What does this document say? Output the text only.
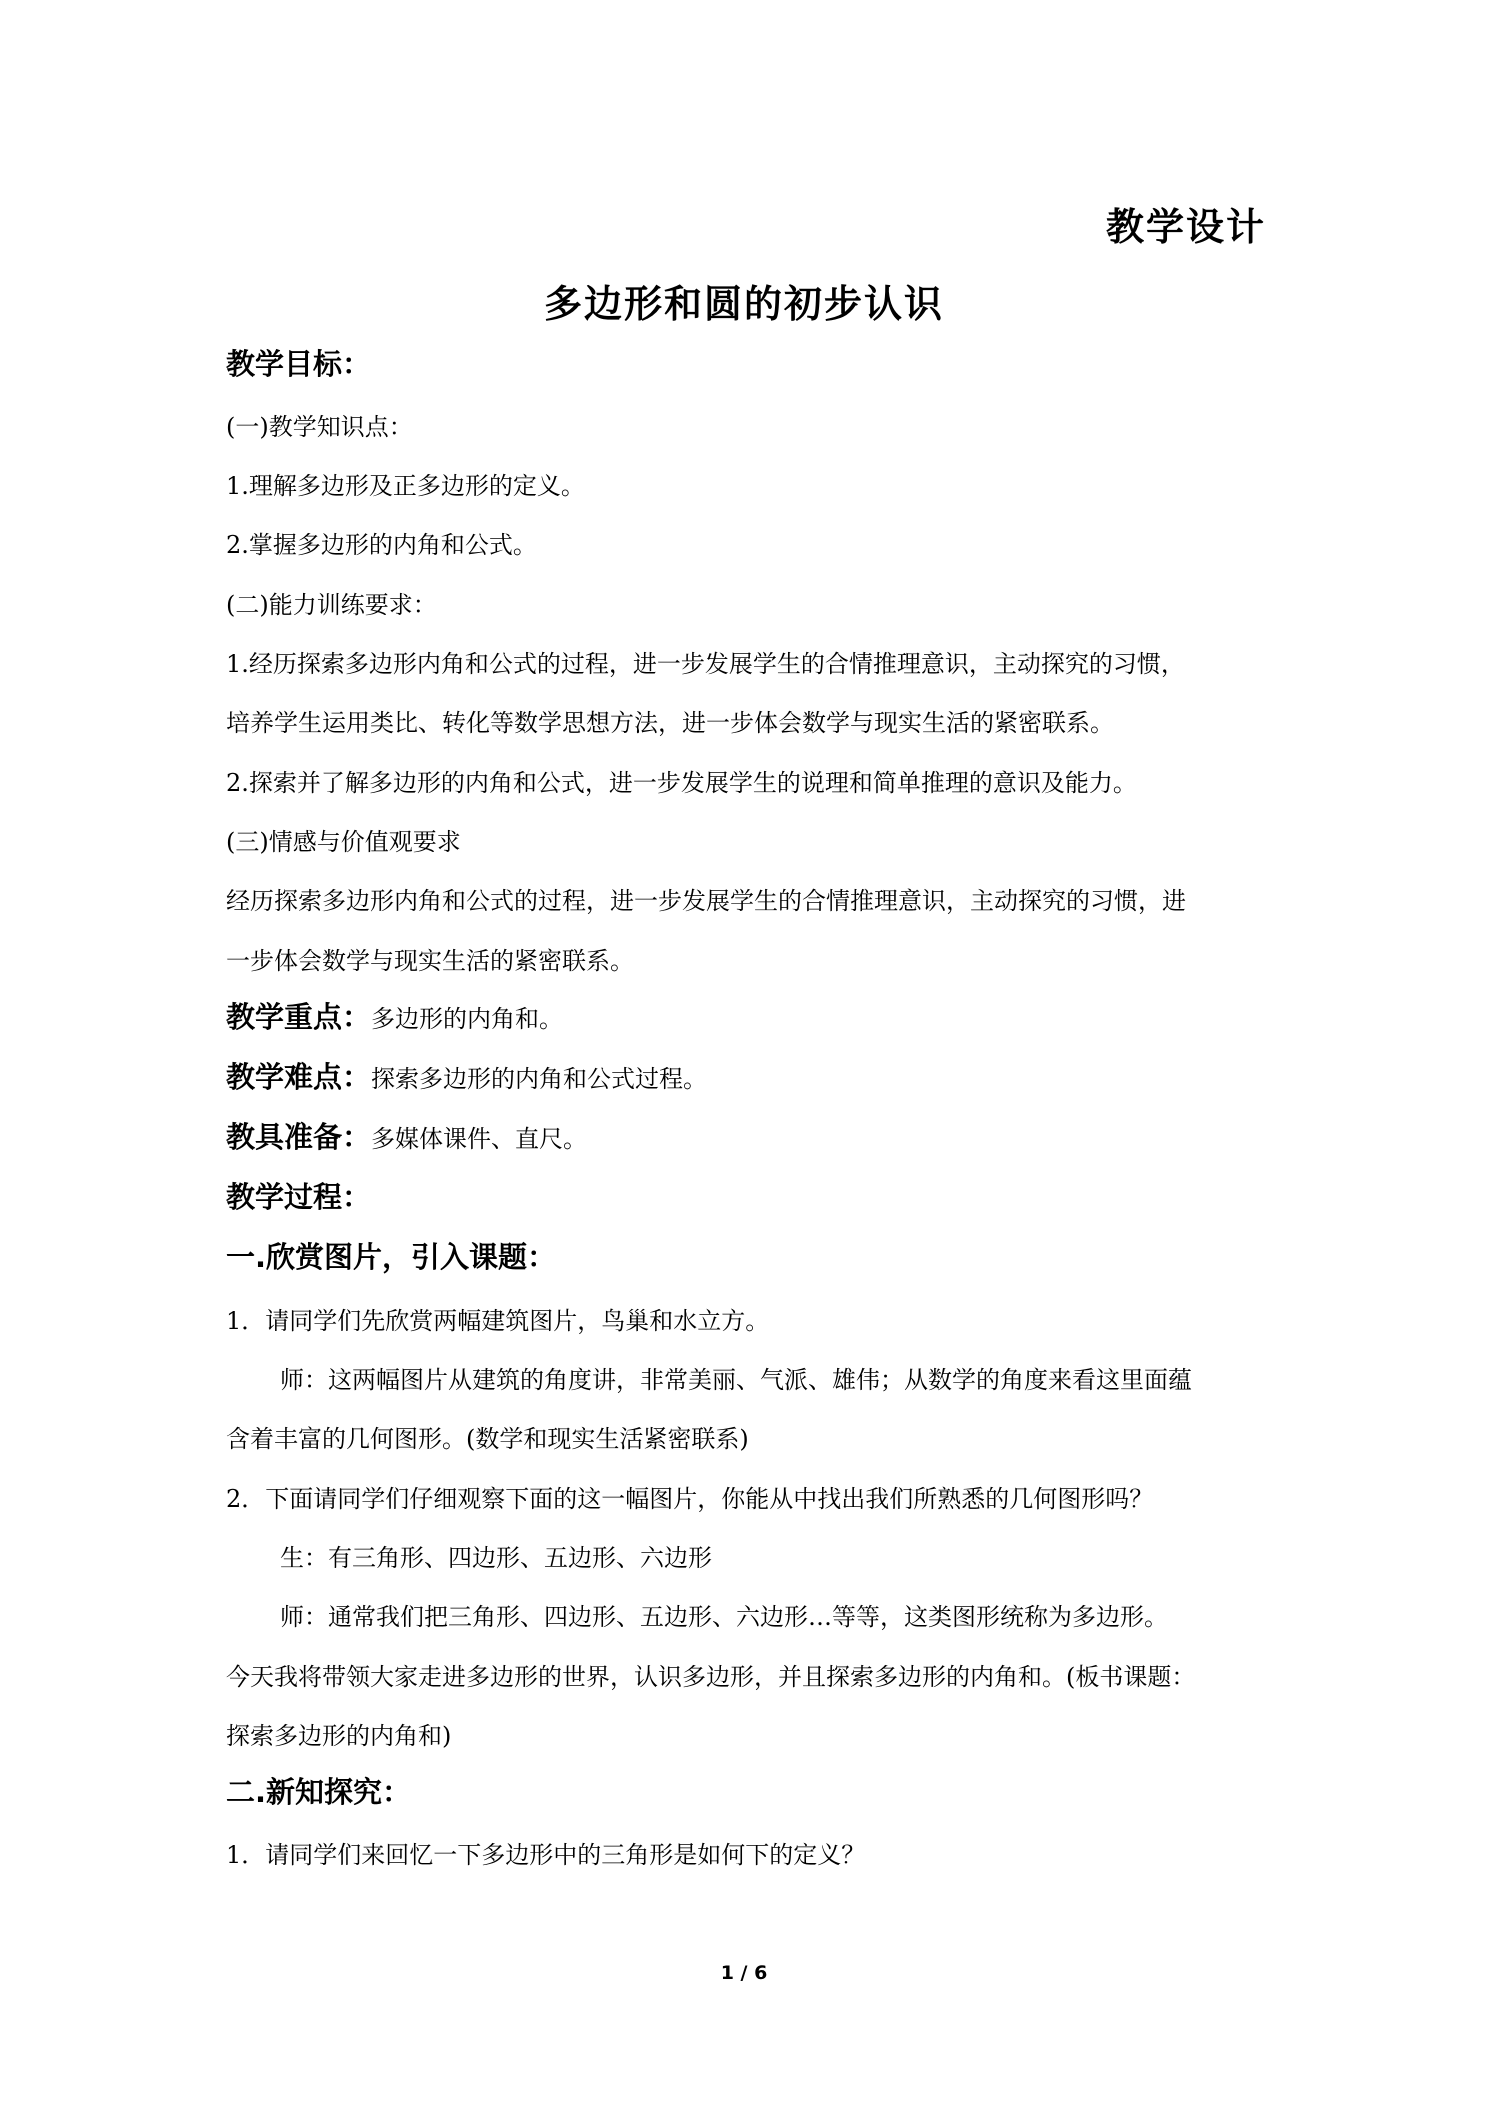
教学设计
多边形和圆的初步认识
教学目标：
(一)教学知识点：
1.理解多边形及正多边形的定义。
2.掌握多边形的内角和公式。
(二)能力训练要求：
1.经历探索多边形内角和公式的过程，进一步发展学生的合情推理意识，主动探究的习惯，
培养学生运用类比、转化等数学思想方法，进一步体会数学与现实生活的紧密联系。
2.探索并了解多边形的内角和公式，进一步发展学生的说理和简单推理的意识及能力。
(三)情感与价值观要求
经历探索多边形内角和公式的过程，进一步发展学生的合情推理意识，主动探究的习惯，进
一步体会数学与现实生活的紧密联系。
教学重点：多边形的内角和。
教学难点：探索多边形的内角和公式过程。
教具准备：多媒体课件、直尺。
教学过程：
一.欣赏图片，引入课题：
1．请同学们先欣赏两幅建筑图片，鸟巢和水立方。
师：这两幅图片从建筑的角度讲，非常美丽、气派、雄伟；从数学的角度来看这里面蕴
含着丰富的几何图形。(数学和现实生活紧密联系)
2．下面请同学们仔细观察下面的这一幅图片，你能从中找出我们所熟悉的几何图形吗？
生：有三角形、四边形、五边形、六边形
师：通常我们把三角形、四边形、五边形、六边形…等等，这类图形统称为多边形。
今天我将带领大家走进多边形的世界，认识多边形，并且探索多边形的内角和。(板书课题：
探索多边形的内角和)
二.新知探究：
1．请同学们来回忆一下多边形中的三角形是如何下的定义？
1 / 6
